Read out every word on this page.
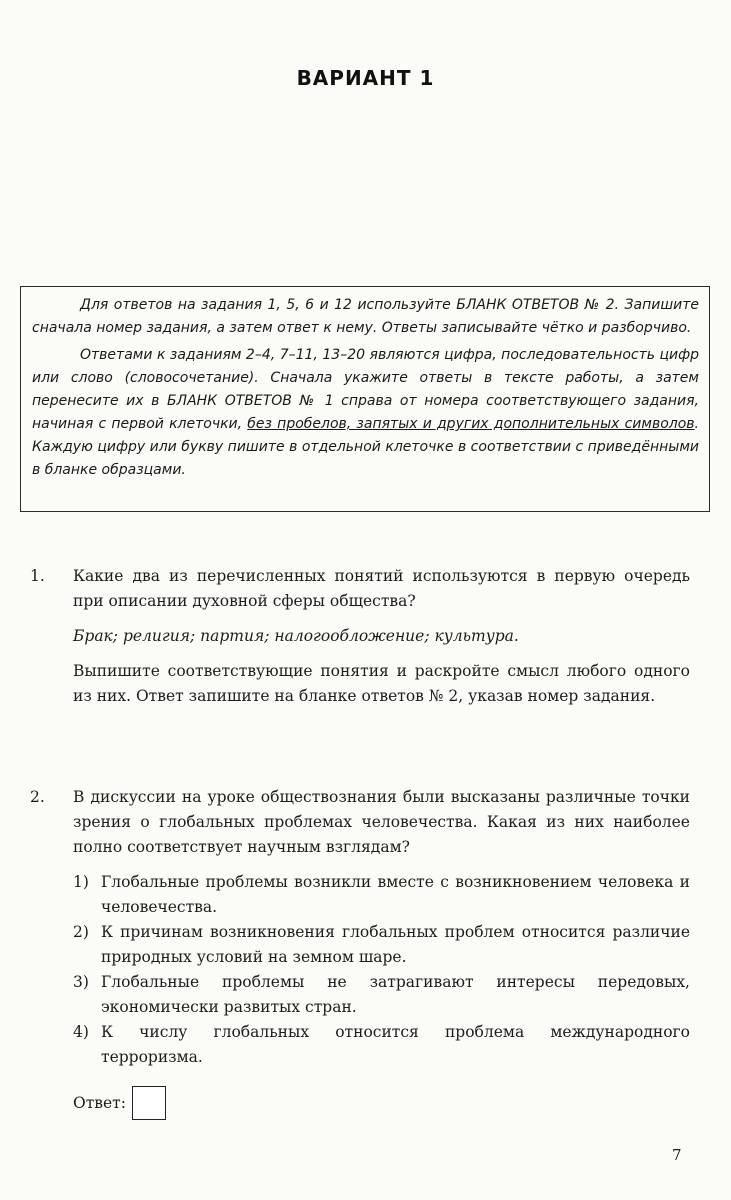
ВАРИАНТ 1

Для ответов на задания 1, 5, 6 и 12 используйте БЛАНК ОТВЕТОВ № 2. Запишите сначала номер задания, а затем ответ к нему. Ответы записывайте чётко и разборчиво.

Ответами к заданиям 2–4, 7–11, 13–20 являются цифра, последовательность цифр или слово (словосочетание). Сначала укажите ответы в тексте работы, а затем перенесите их в БЛАНК ОТВЕТОВ № 1 справа от номера соответствующего задания, начиная с первой клеточки, без пробелов, запятых и других дополнительных символов. Каждую цифру или букву пишите в отдельной клеточке в соответствии с приведёнными в бланке образцами.

1.	Какие два из перечисленных понятий используются в первую очередь при описании духовной сферы общества?

Брак; религия; партия; налогообложение; культура.

Выпишите соответствующие понятия и раскройте смысл любого одного из них. Ответ запишите на бланке ответов № 2, указав номер задания.

2.	В дискуссии на уроке обществознания были высказаны различные точки зрения о глобальных проблемах человечества. Какая из них наиболее полно соответствует научным взглядам?

1) Глобальные проблемы возникли вместе с возникновением человека и человечества.
2) К причинам возникновения глобальных проблем относится различие природных условий на земном шаре.
3) Глобальные проблемы не затрагивают интересы передовых, экономически развитых стран.
4) К числу глобальных относится проблема международного терроризма.
Ответ:
7
